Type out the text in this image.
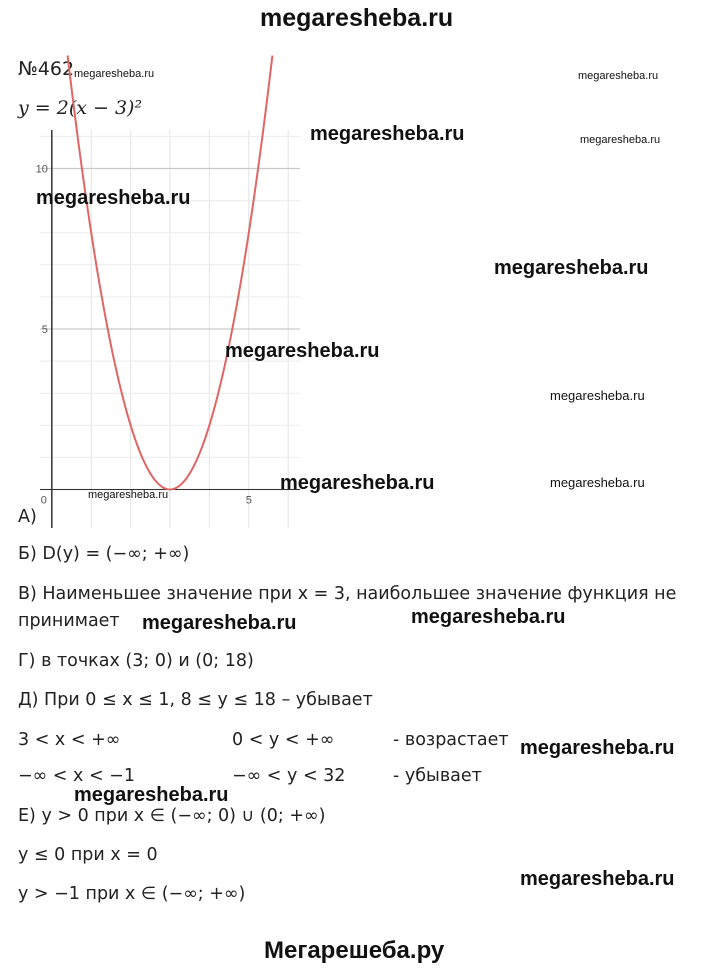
megaresheba.ru
№462 megaresheba.ru
y = 2(x − 3)²
10
5
0	5
megaresheba.ru
megaresheba.ru
megaresheba.ru	megaresheba.ru
megaresheba.ru
megaresheba.ru
megaresheba.ru
megaresheba.ru
megaresheba.ru	megaresheba.ru
megaresheba.ru
megaresheba.ru
megaresheba.ru
megaresheba.ru
А)
Б) D(y) = (−∞; +∞)
В) Наименьшее значение при x = 3, наибольшее значение функция не
принимает megaresheba.ru
Г) в точках (3; 0) и (0; 18)
Д) При 0 ≤ x ≤ 1, 8 ≤ y ≤ 18 – убывает
3 < x < +∞	0 < y < +∞	- возрастает
−∞ < x < −1	−∞ < y < 32	- убывает
Е) y > 0 при x ∈ (−∞; 0) ∪ (0; +∞)
y ≤ 0 при x = 0
y > −1 при x ∈ (−∞; +∞)
Мегарешеба.ру
